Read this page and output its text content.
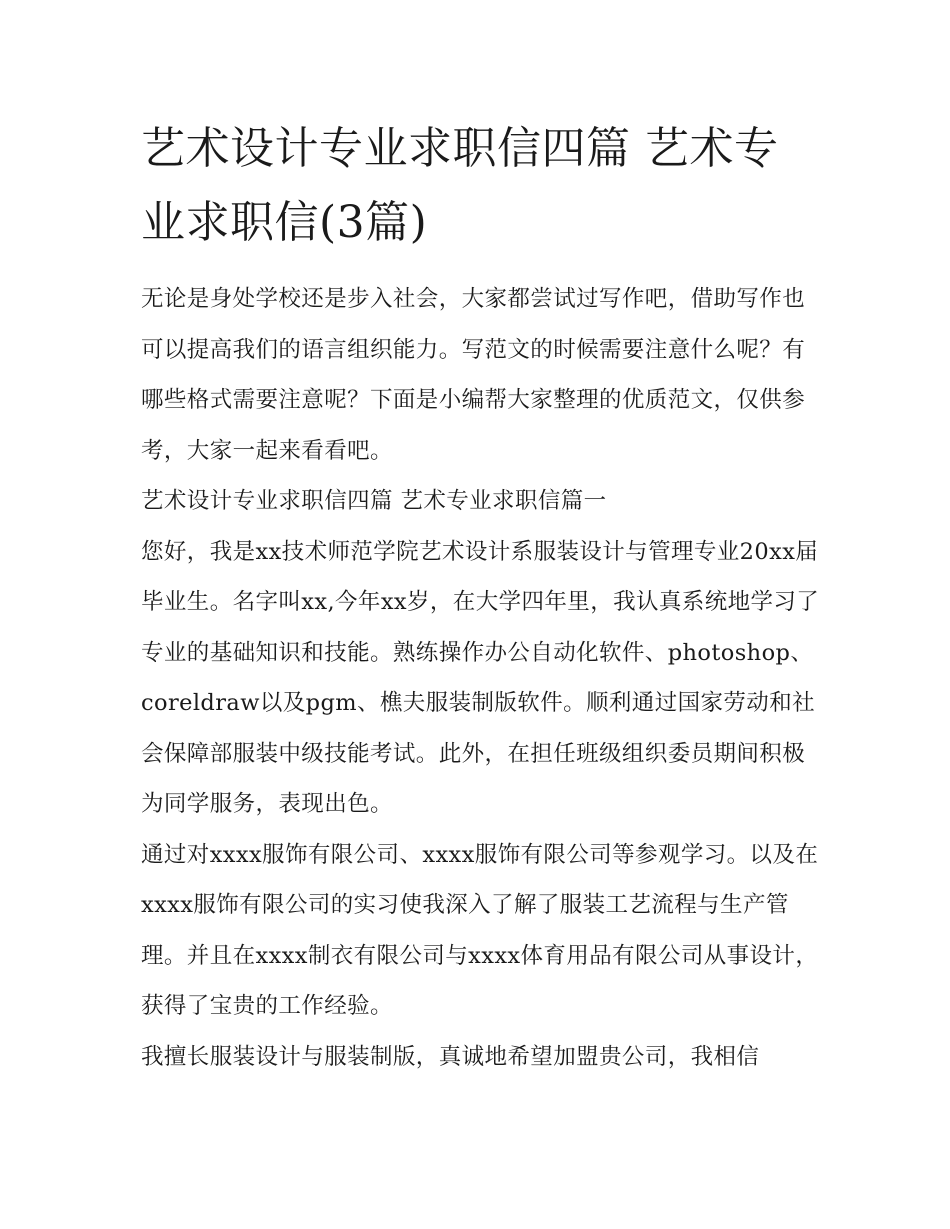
艺术设计专业求职信四篇 艺术专业求职信(3篇)

无论是身处学校还是步入社会，大家都尝试过写作吧，借助写作也可以提高我们的语言组织能力。写范文的时候需要注意什么呢？有哪些格式需要注意呢？下面是小编帮大家整理的优质范文，仅供参考，大家一起来看看吧。

艺术设计专业求职信四篇 艺术专业求职信篇一

您好，我是xx技术师范学院艺术设计系服装设计与管理专业20xx届毕业生。名字叫xx,今年xx岁，在大学四年里，我认真系统地学习了专业的基础知识和技能。熟练操作办公自动化软件、photoshop、coreldraw以及pgm、樵夫服装制版软件。顺利通过国家劳动和社会保障部服装中级技能考试。此外，在担任班级组织委员期间积极为同学服务，表现出色。

通过对xxxx服饰有限公司、xxxx服饰有限公司等参观学习。以及在xxxx服饰有限公司的实习使我深入了解了服装工艺流程与生产管理。并且在xxxx制衣有限公司与xxxx体育用品有限公司从事设计，获得了宝贵的工作经验。

我擅长服装设计与服装制版，真诚地希望加盟贵公司，我相信
